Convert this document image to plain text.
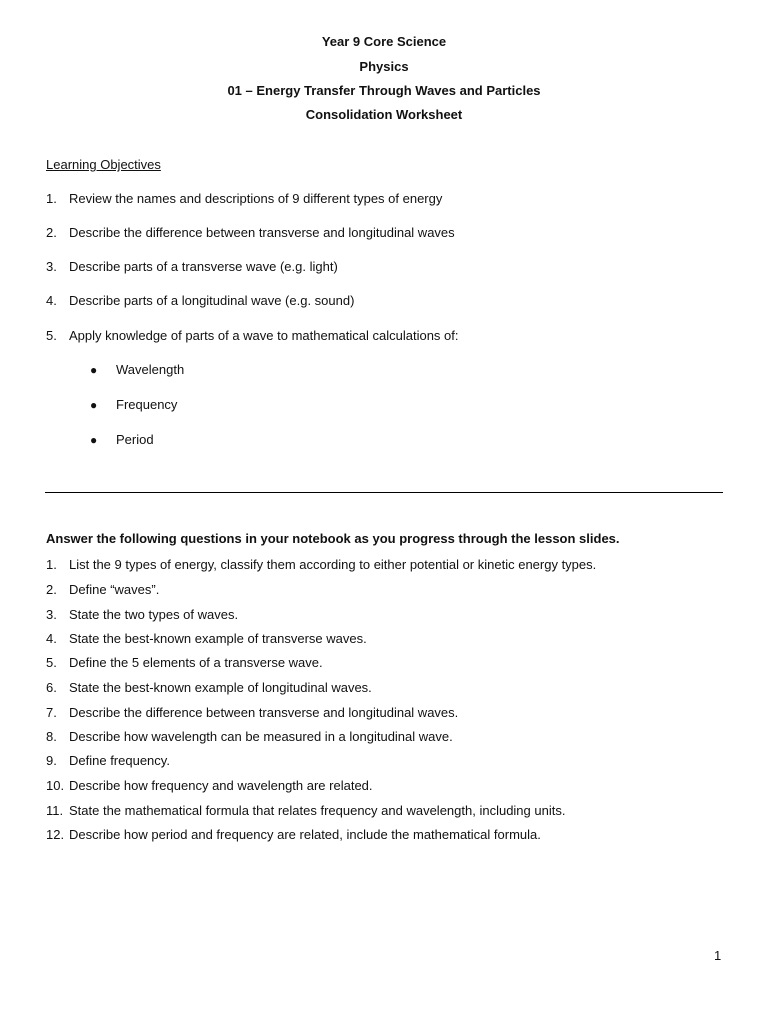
Year 9 Core Science
Physics
01 – Energy Transfer Through Waves and Particles
Consolidation Worksheet
Learning Objectives
1. Review the names and descriptions of 9 different types of energy
2. Describe the difference between transverse and longitudinal waves
3. Describe parts of a transverse wave (e.g. light)
4. Describe parts of a longitudinal wave (e.g. sound)
5. Apply knowledge of parts of a wave to mathematical calculations of:
● Wavelength
● Frequency
● Period
Answer the following questions in your notebook as you progress through the lesson slides.
1. List the 9 types of energy, classify them according to either potential or kinetic energy types.
2. Define “waves”.
3. State the two types of waves.
4. State the best-known example of transverse waves.
5. Define the 5 elements of a transverse wave.
6. State the best-known example of longitudinal waves.
7. Describe the difference between transverse and longitudinal waves.
8. Describe how wavelength can be measured in a longitudinal wave.
9. Define frequency.
10. Describe how frequency and wavelength are related.
11. State the mathematical formula that relates frequency and wavelength, including units.
12. Describe how period and frequency are related, include the mathematical formula.
1
